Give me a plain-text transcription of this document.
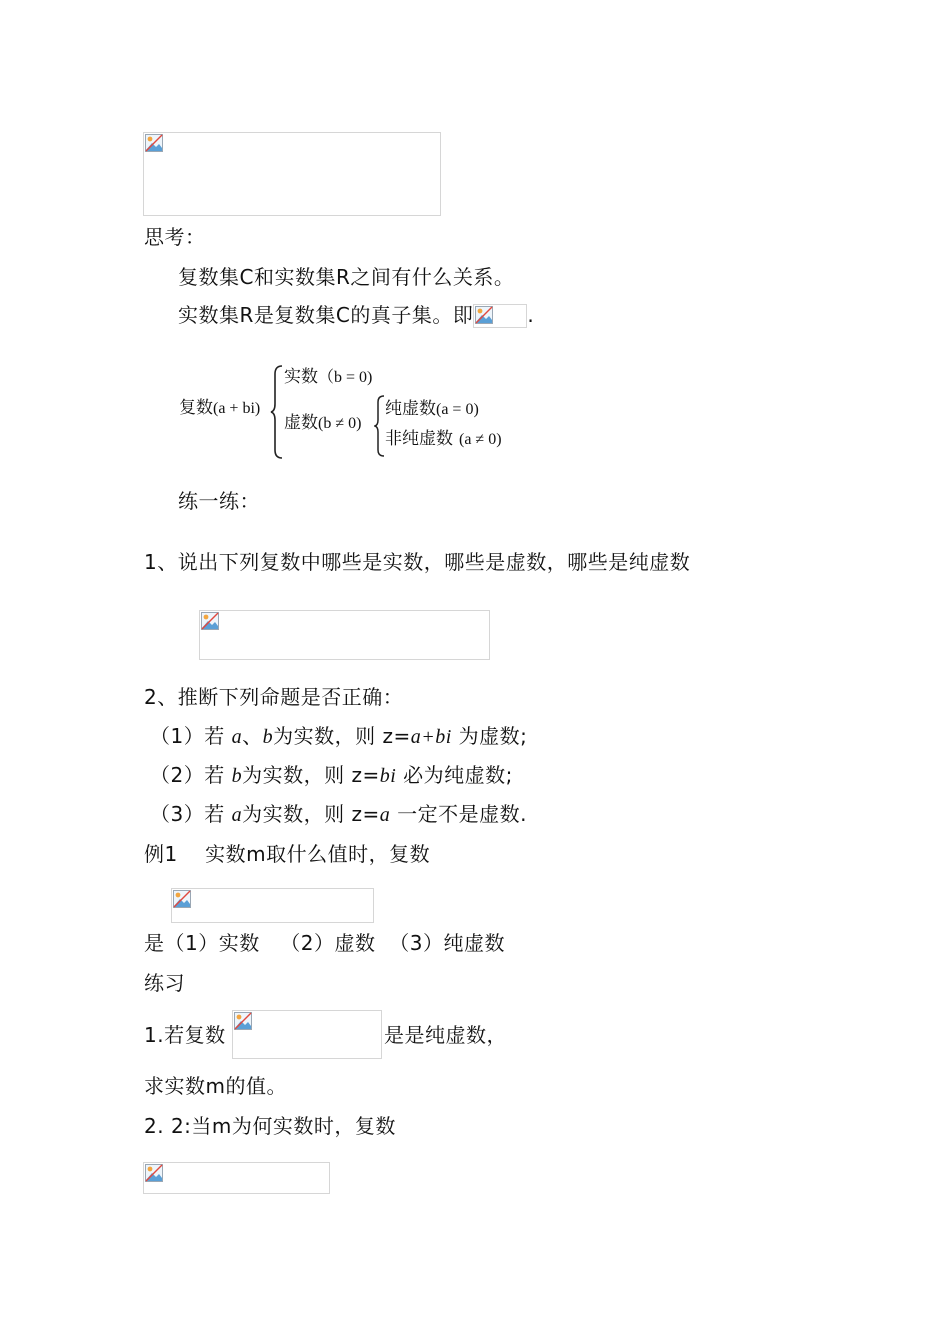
思考：
复数集C和实数集R之间有什么关系。
实数集R是复数集C的真子集。即	.
复数(a + bi)
实数（b = 0)
虚数(b ≠ 0)
纯虚数(a = 0)
非纯虚数 (a ≠ 0)
练一练：
1、说出下列复数中哪些是实数，哪些是虚数，哪些是纯虚数
2、推断下列命题是否正确：
（1）若 a、b为实数，则 z=a+bi 为虚数;
（2）若 b为实数，则 z=bi 必为纯虚数;
（3）若 a为实数，则 z=a 一定不是虚数.
例1    实数m取什么值时，复数
是（1）实数   （2）虚数  （3）纯虚数
练习
1.若复数	是是纯虚数，
求实数m的值。
2. 2:当m为何实数时，复数
